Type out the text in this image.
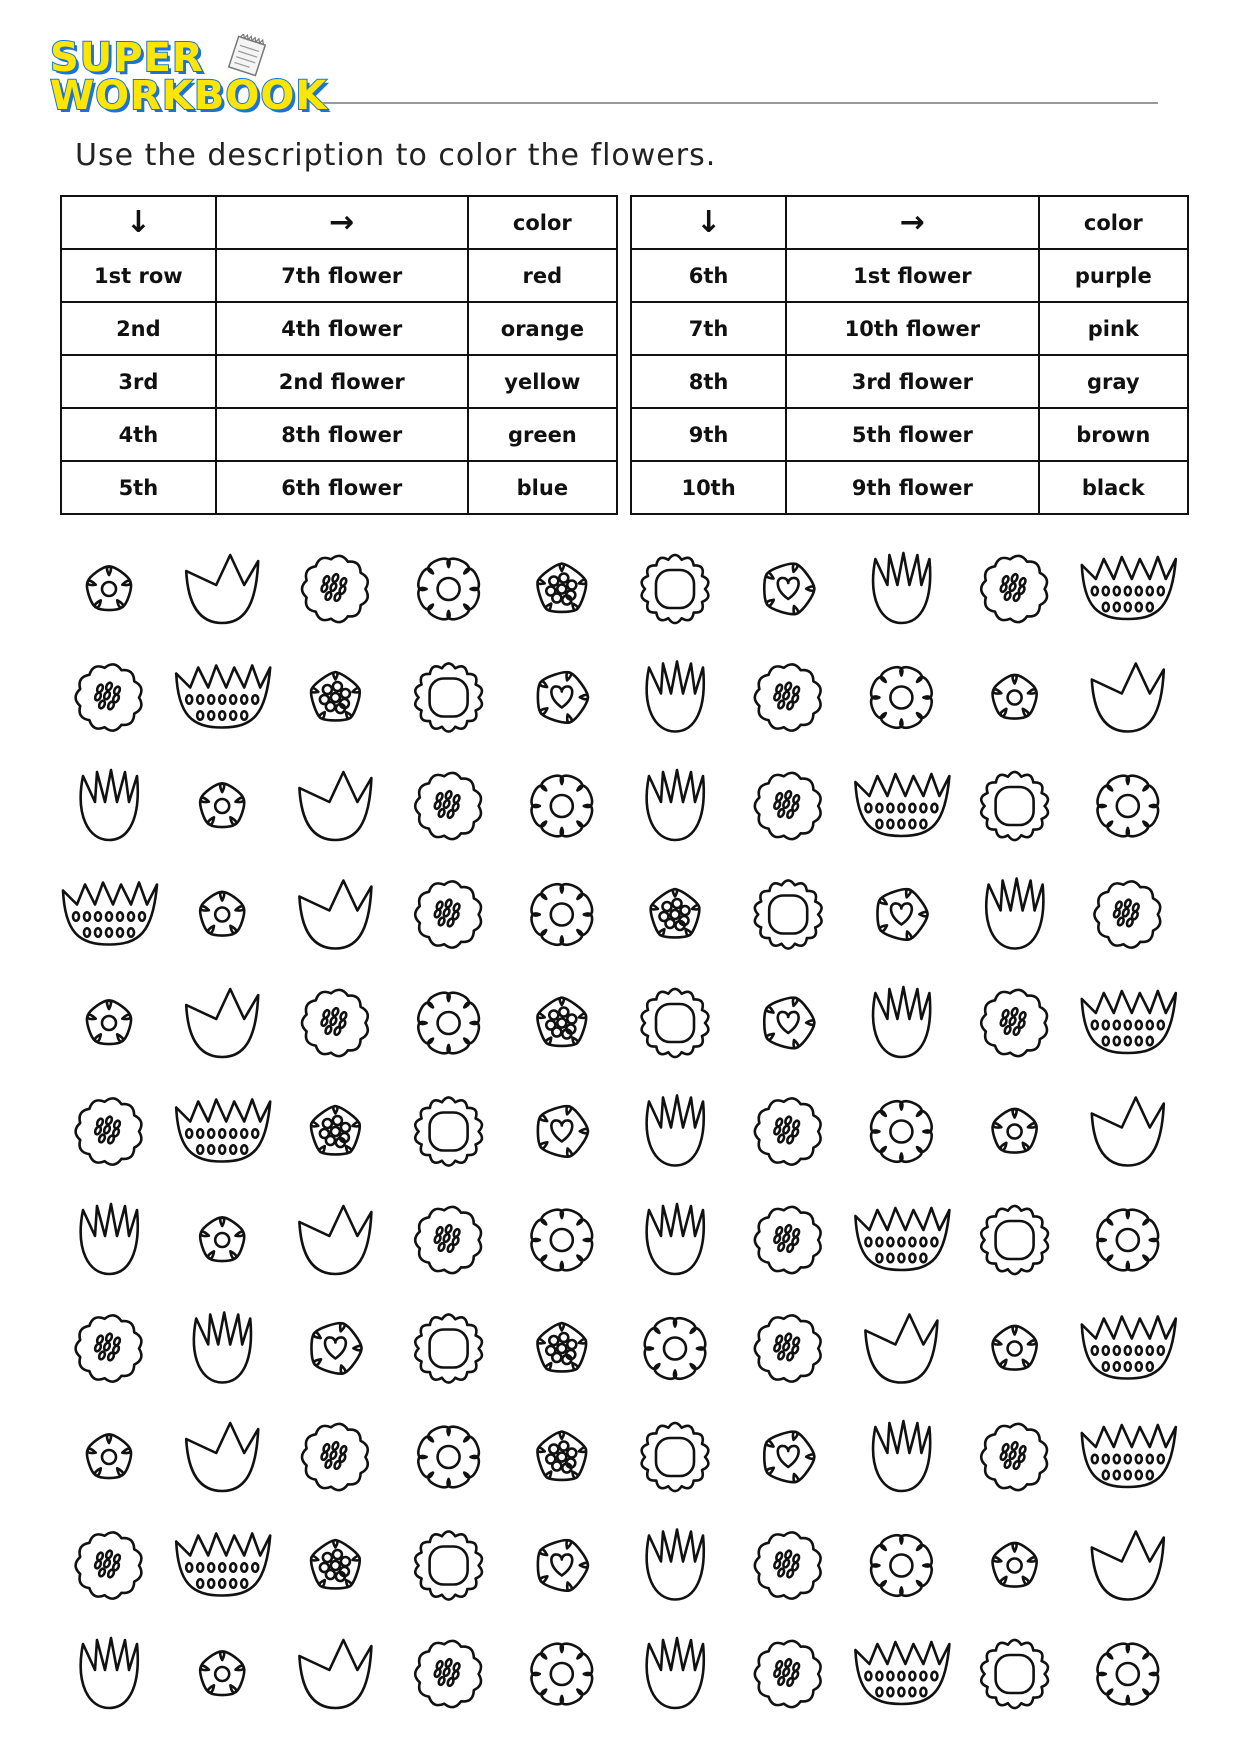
SUPER

WORKBOOK

Use the description to color the flowers.

↓	→	color
1st row	7th flower	red
2nd	4th flower	orange
3rd	2nd flower	yellow
4th	8th flower	green
5th	6th flower	blue
↓	→	color
6th	1st flower	purple
7th	10th flower	pink
8th	3rd flower	gray
9th	5th flower	brown
10th	9th flower	black
